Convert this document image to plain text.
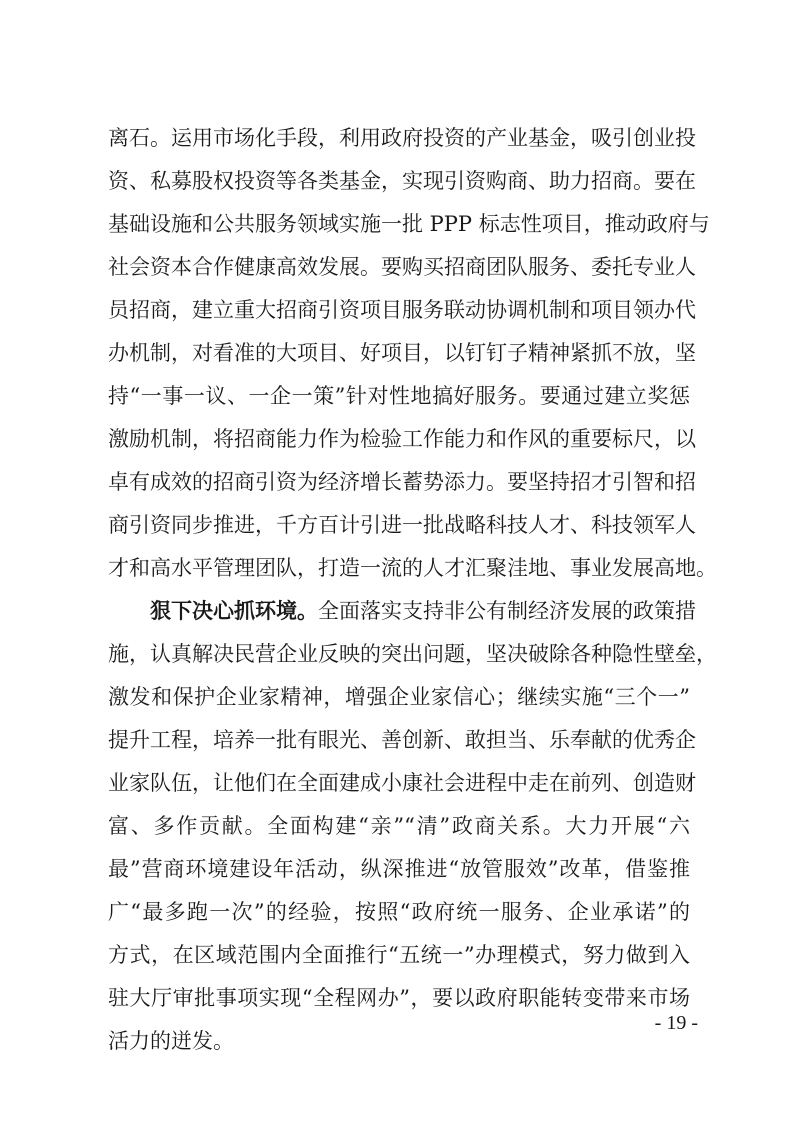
离石。运用市场化手段，利用政府投资的产业基金，吸引创业投
资、私募股权投资等各类基金，实现引资购商、助力招商。要在
基础设施和公共服务领域实施一批 PPP 标志性项目，推动政府与
社会资本合作健康高效发展。要购买招商团队服务、委托专业人
员招商，建立重大招商引资项目服务联动协调机制和项目领办代
办机制，对看准的大项目、好项目，以钉钉子精神紧抓不放，坚
持“一事一议、一企一策”针对性地搞好服务。要通过建立奖惩
激励机制，将招商能力作为检验工作能力和作风的重要标尺，以
卓有成效的招商引资为经济增长蓄势添力。要坚持招才引智和招
商引资同步推进，千方百计引进一批战略科技人才、科技领军人
才和高水平管理团队，打造一流的人才汇聚洼地、事业发展高地。
狠下决心抓环境。全面落实支持非公有制经济发展的政策措
施，认真解决民营企业反映的突出问题，坚决破除各种隐性壁垒，
激发和保护企业家精神，增强企业家信心；继续实施“三个一”
提升工程，培养一批有眼光、善创新、敢担当、乐奉献的优秀企
业家队伍，让他们在全面建成小康社会进程中走在前列、创造财
富、多作贡献。全面构建“亲”“清”政商关系。大力开展“六
最”营商环境建设年活动，纵深推进“放管服效”改革，借鉴推
广“最多跑一次”的经验，按照“政府统一服务、企业承诺”的
方式，在区域范围内全面推行“五统一”办理模式，努力做到入
驻大厅审批事项实现“全程网办”，要以政府职能转变带来市场
活力的迸发。
- 19 -
